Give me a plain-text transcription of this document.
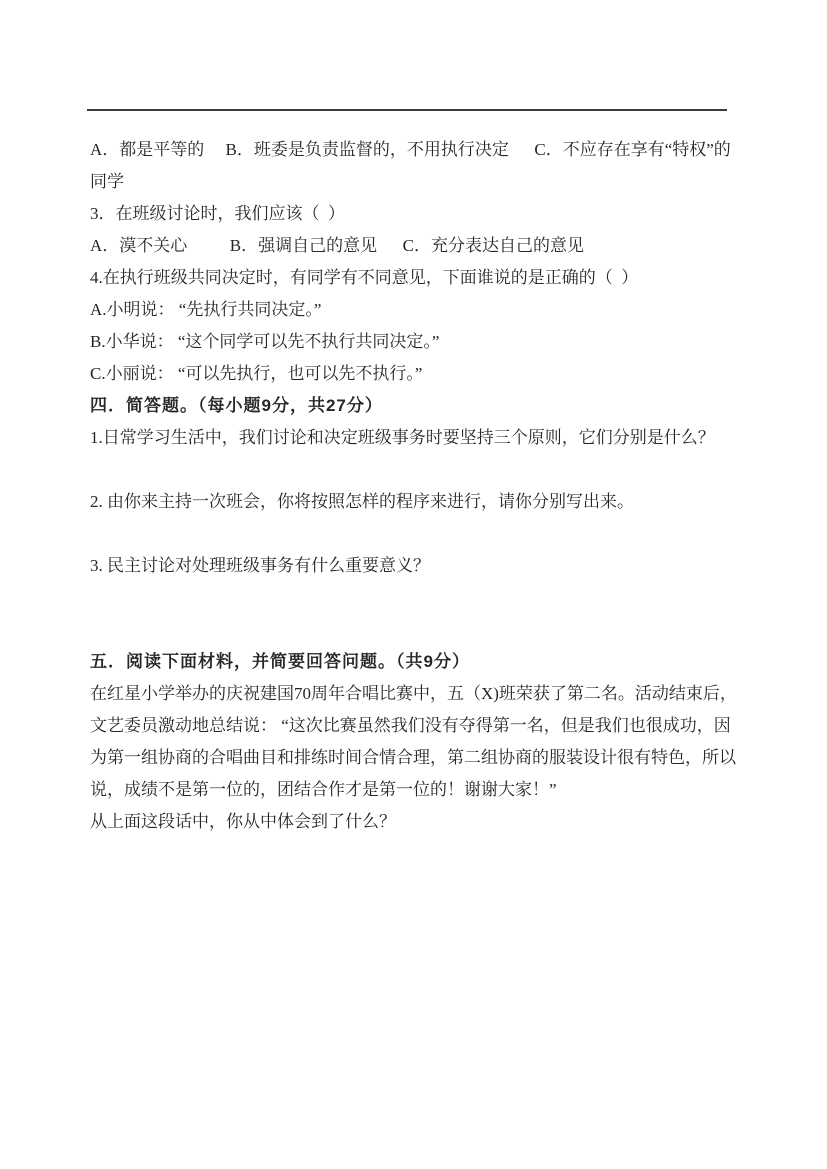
A．都是平等的　 B．班委是负责监督的，不用执行决定　  C．不应存在享有“特权”的

同学

3．在班级讨论时，我们应该（  ）

A．漠不关心　　  B．强调自己的意见　  C．充分表达自己的意见

4.在执行班级共同决定时，有同学有不同意见，下面谁说的是正确的（  ）

A.小明说： “先执行共同决定。”

B.小华说： “这个同学可以先不执行共同决定。”

C.小丽说： “可以先执行，也可以先不执行。”

四．简答题。（每小题9分，共27分）

1.日常学习生活中，我们讨论和决定班级事务时要坚持三个原则，它们分别是什么？

2. 由你来主持一次班会，你将按照怎样的程序来进行，请你分别写出来。

3. 民主讨论对处理班级事务有什么重要意义？

五．阅读下面材料，并简要回答问题。（共9分）

在红星小学举办的庆祝建国70周年合唱比赛中，五（X)班荣获了第二名。活动结束后，

文艺委员激动地总结说： “这次比赛虽然我们没有夺得第一名，但是我们也很成功，因

为第一组协商的合唱曲目和排练时间合情合理，第二组协商的服装设计很有特色，所以

说，成绩不是第一位的，团结合作才是第一位的！谢谢大家！”

从上面这段话中，你从中体会到了什么？
